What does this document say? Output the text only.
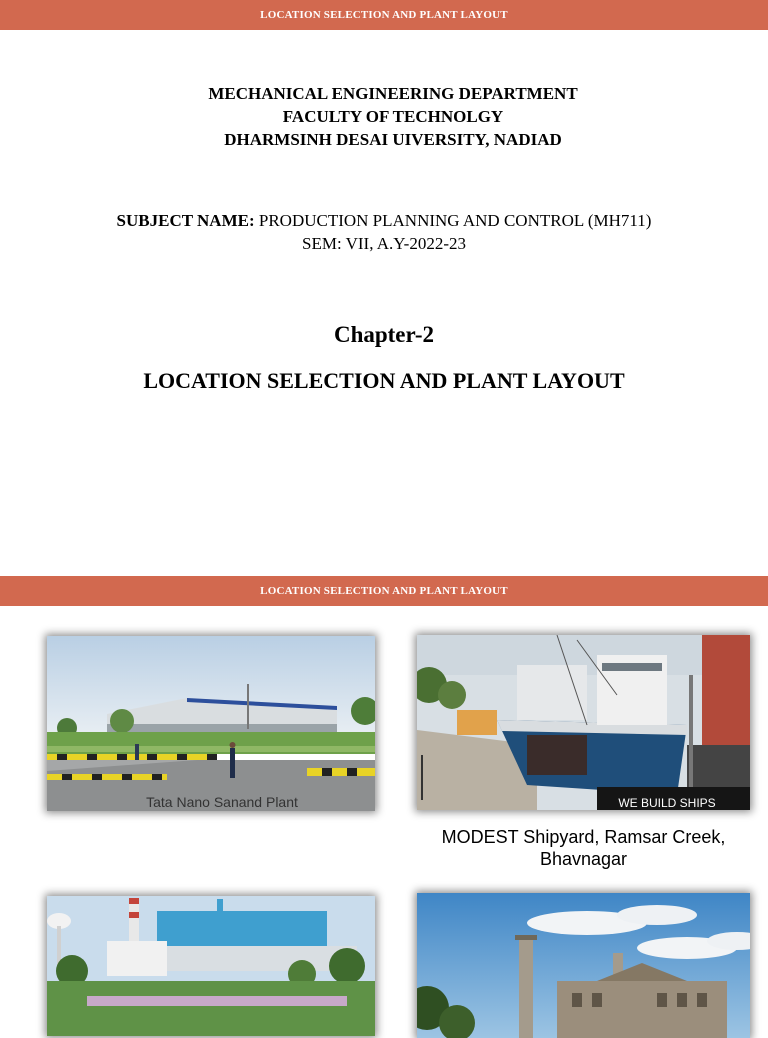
LOCATION SELECTION AND PLANT LAYOUT
MECHANICAL ENGINEERING DEPARTMENT
FACULTY OF TECHNOLGY
DHARMSINH DESAI UIVERSITY, NADIAD
SUBJECT NAME: PRODUCTION PLANNING AND CONTROL (MH711)
SEM: VII, A.Y-2022-23
Chapter-2
LOCATION SELECTION AND PLANT LAYOUT
LOCATION SELECTION AND PLANT LAYOUT
Tata Nano Sanand Plant	WE BUILD SHIPS
MODEST Shipyard, Ramsar Creek,
Bhavnagar
